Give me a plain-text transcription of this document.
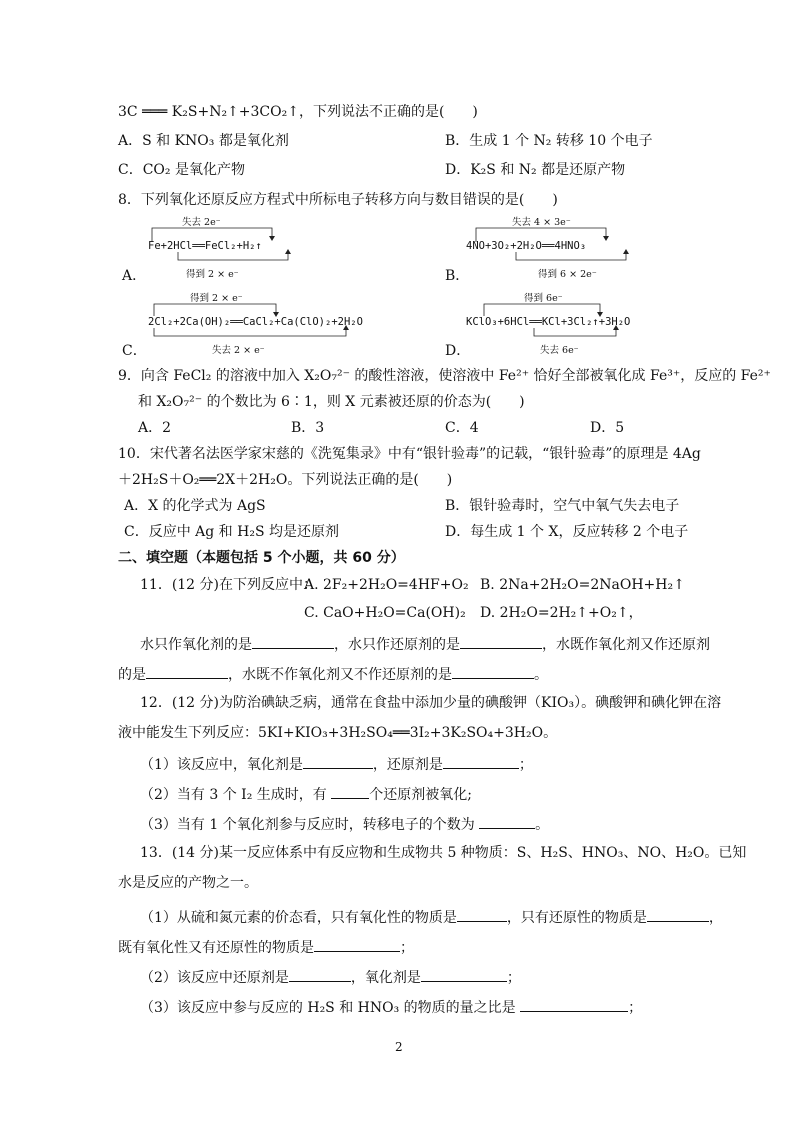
3C ═══ K₂S+N₂↑+3CO₂↑，下列说法不正确的是(　　)
A．S 和 KNO₃ 都是氧化剂	B．生成 1 个 N₂ 转移 10 个电子
C．CO₂ 是氧化产物	D．K₂S 和 N₂ 都是还原产物
8．下列氧化还原反应方程式中所标电子转移方向与数目错误的是(　　)
失去 2e⁻
Fe+2HCl══FeCl₂+H₂↑
A．	得到 2 × e⁻
失去 4 × 3e⁻
4NO+3O₂+2H₂O══4HNO₃
B．	得到 6 × 2e⁻
得到 2 × e⁻
2Cl₂+2Ca(OH)₂══CaCl₂+Ca(ClO)₂+2H₂O
C．	失去 2 × e⁻
得到 6e⁻
KClO₃+6HCl══KCl+3Cl₂↑+3H₂O
D．	失去 6e⁻
9．向含 FeCl₂ 的溶液中加入 X₂O₇²⁻ 的酸性溶液，使溶液中 Fe²⁺ 恰好全部被氧化成 Fe³⁺，反应的 Fe²⁺
和 X₂O₇²⁻ 的个数比为 6∶1，则 X 元素被还原的价态为(　　)
A．2	B．3	C．4	D．5
10．宋代著名法医学家宋慈的《洗冤集录》中有“银针验毒”的记载，“银针验毒”的原理是 4Ag
＋2H₂S＋O₂══2X＋2H₂O。下列说法正确的是(　　)
A．X 的化学式为 AgS	B．银针验毒时，空气中氧气失去电子
C．反应中 Ag 和 H₂S 均是还原剂	D．每生成 1 个 X，反应转移 2 个电子
二、填空题（本题包括 5 个小题，共 60 分）
11．(12 分)在下列反应中：
A. 2F₂+2H₂O=4HF+O₂ B. 2Na+2H₂O=2NaOH+H₂↑
C. CaO+H₂O=Ca(OH)₂ D. 2H₂O=2H₂↑+O₂↑，
水只作氧化剂的是	，水只作还原剂的是	，水既作氧化剂又作还原剂
的是	，水既不作氧化剂又不作还原剂的是	。
12．(12 分)为防治碘缺乏病，通常在食盐中添加少量的碘酸钾（KIO₃）。碘酸钾和碘化钾在溶
液中能发生下列反应：5KI+KIO₃+3H₂SO₄══3I₂+3K₂SO₄+3H₂O。
（1）该反应中，氧化剂是	，还原剂是	；
（2）当有 3 个 I₂ 生成时，有	个还原剂被氧化;
（3）当有 1 个氧化剂参与反应时，转移电子的个数为	。
13．(14 分)某一反应体系中有反应物和生成物共 5 种物质：S、H₂S、HNO₃、NO、H₂O。已知
水是反应的产物之一。
（1）从硫和氮元素的价态看，只有氧化性的物质是	，只有还原性的物质是	，
既有氧化性又有还原性的物质是	；
（2）该反应中还原剂是	，氧化剂是	；
（3）该反应中参与反应的 H₂S 和 HNO₃ 的物质的量之比是	；
2
